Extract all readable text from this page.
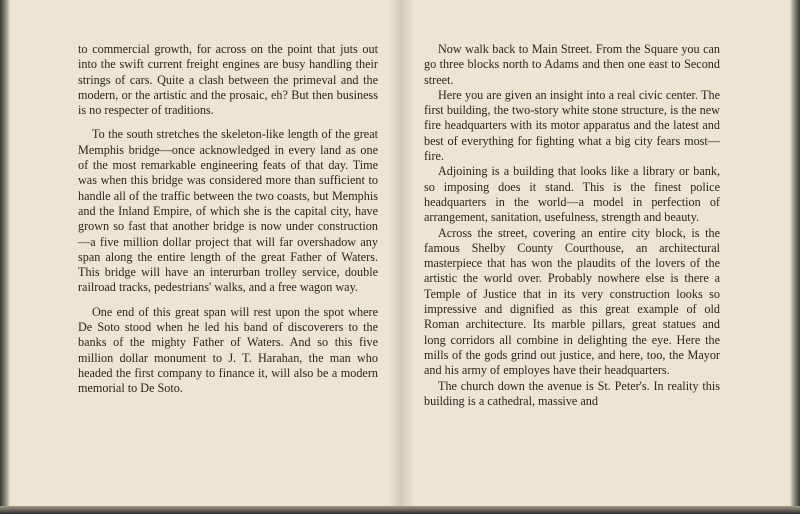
to commercial growth, for across on the point that juts out into the swift current freight engines are busy handling their strings of cars. Quite a clash between the primeval and the modern, or the artistic and the prosaic, eh? But then business is no respecter of traditions.

To the south stretches the skeleton-like length of the great Memphis bridge—once acknowledged in every land as one of the most remarkable engineering feats of that day. Time was when this bridge was considered more than sufficient to handle all of the traffic between the two coasts, but Memphis and the Inland Empire, of which she is the capital city, have grown so fast that another bridge is now under construction—a five million dollar project that will far overshadow any span along the entire length of the great Father of Waters. This bridge will have an interurban trolley service, double railroad tracks, pedestrians' walks, and a free wagon way.

One end of this great span will rest upon the spot where De Soto stood when he led his band of discoverers to the banks of the mighty Father of Waters. And so this five million dollar monument to J. T. Harahan, the man who headed the first company to finance it, will also be a modern memorial to De Soto.

Now walk back to Main Street. From the Square you can go three blocks north to Adams and then one east to Second street.

Here you are given an insight into a real civic center. The first building, the two-story white stone structure, is the new fire headquarters with its motor apparatus and the latest and best of everything for fighting what a big city fears most—fire.

Adjoining is a building that looks like a library or bank, so imposing does it stand. This is the finest police headquarters in the world—a model in perfection of arrangement, sanitation, usefulness, strength and beauty.

Across the street, covering an entire city block, is the famous Shelby County Courthouse, an architectural masterpiece that has won the plaudits of the lovers of the artistic the world over. Probably nowhere else is there a Temple of Justice that in its very construction looks so impressive and dignified as this great example of old Roman architecture. Its marble pillars, great statues and long corridors all combine in delighting the eye. Here the mills of the gods grind out justice, and here, too, the Mayor and his army of employes have their headquarters.

The church down the avenue is St. Peter's. In reality this building is a cathedral, massive and
